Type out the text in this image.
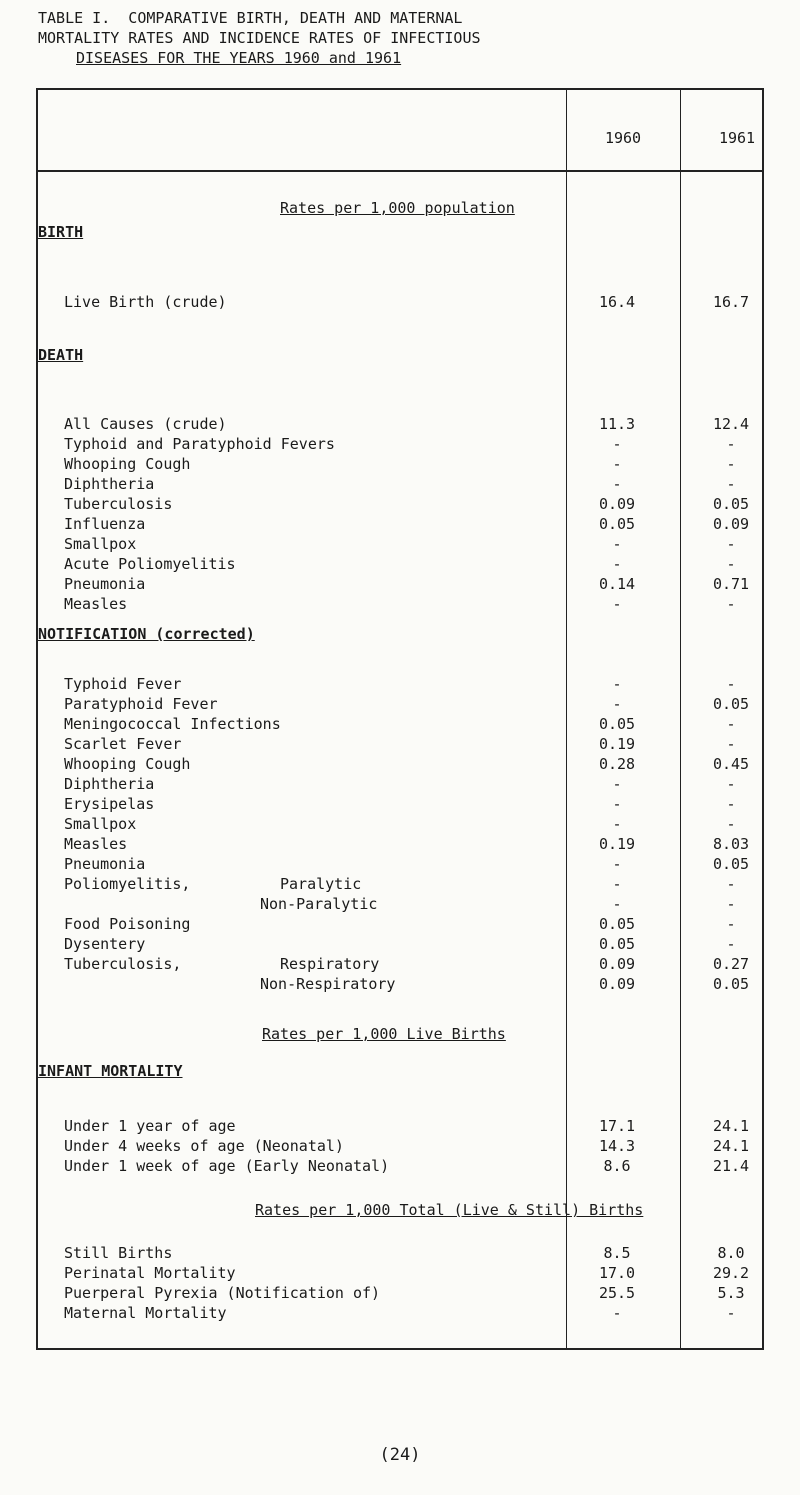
TABLE I.  COMPARATIVE BIRTH, DEATH AND MATERNAL
MORTALITY RATES AND INCIDENCE RATES OF INFECTIOUS
DISEASES FOR THE YEARS 1960 and 1961
1960	1961
Rates per 1,000 population
BIRTH
Live Birth (crude)	16.4	16.7
DEATH
All Causes (crude)	11.3	12.4
Typhoid and Paratyphoid Fevers	-	-
Whooping Cough	-	-
Diphtheria	-	-
Tuberculosis	0.09	0.05
Influenza	0.05	0.09
Smallpox	-	-
Acute Poliomyelitis	-	-
Pneumonia	0.14	0.71
Measles	-	-
NOTIFICATION (corrected)
Typhoid Fever	-	-
Paratyphoid Fever	-	0.05
Meningococcal Infections	0.05	-
Scarlet Fever	0.19	-
Whooping Cough	0.28	0.45
Diphtheria	-	-
Erysipelas	-	-
Smallpox	-	-
Measles	0.19	8.03
Pneumonia	-	0.05
Poliomyelitis,	Paralytic	-	-
Non-Paralytic	-	-
Food Poisoning	0.05	-
Dysentery	0.05	-
Tuberculosis,	Respiratory	0.09	0.27
Non-Respiratory	0.09	0.05
Rates per 1,000 Live Births
INFANT MORTALITY
Under 1 year of age	17.1	24.1
Under 4 weeks of age (Neonatal)	14.3	24.1
Under 1 week of age (Early Neonatal)	8.6	21.4
Rates per 1,000 Total (Live & Still) Births
Still Births	8.5	8.0
Perinatal Mortality	17.0	29.2
Puerperal Pyrexia (Notification of)	25.5	5.3
Maternal Mortality	-	-
(24)
